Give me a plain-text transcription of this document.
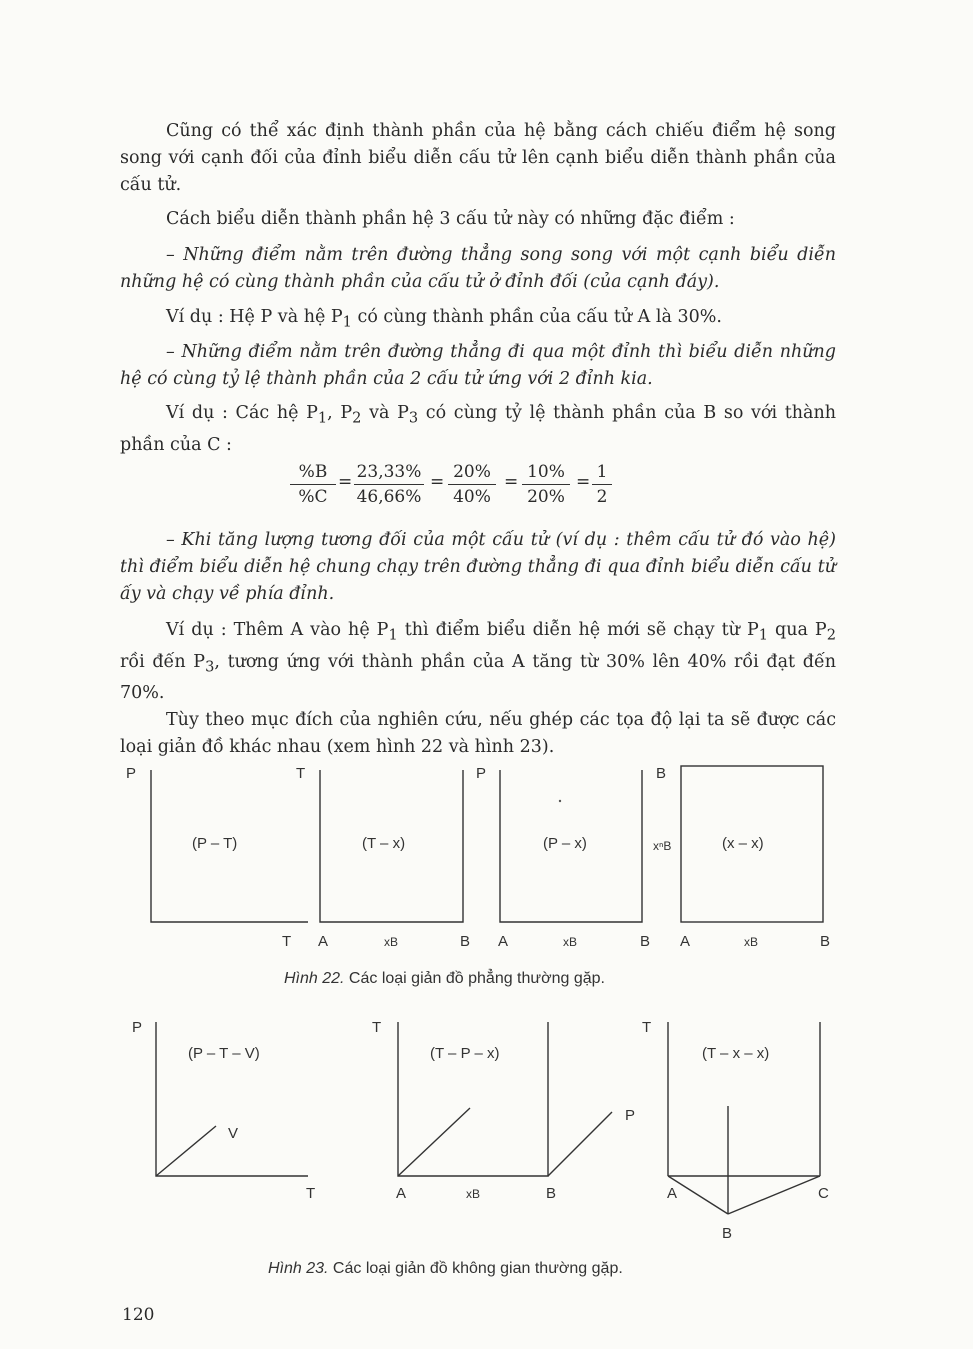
Cũng có thể xác định thành phần của hệ bằng cách chiếu điểm hệ song song với cạnh đối của đỉnh biểu diễn cấu tử lên cạnh biểu diễn thành phần của cấu tử.

Cách biểu diễn thành phần hệ 3 cấu tử này có những đặc điểm :

– Những điểm nằm trên đường thẳng song song với một cạnh biểu diễn những hệ có cùng thành phần của cấu tử ở đỉnh đối (của cạnh đáy).

Ví dụ : Hệ P và hệ $P_1$ có cùng thành phần của cấu tử A là 30%.

– Những điểm nằm trên đường thẳng đi qua một đỉnh thì biểu diễn những hệ có cùng tỷ lệ thành phần của 2 cấu tử ứng với 2 đỉnh kia.

Ví dụ : Các hệ $P_1$, $P_2$ và $P_3$ có cùng tỷ lệ thành phần của B so với thành phần của C :

$\frac{\%B}{\%C} = \frac{23,33\%}{46,66\%} = \frac{20\%}{40\%} = \frac{10\%}{20\%} = \frac{1}{2}$

– Khi tăng lượng tương đối của một cấu tử (ví dụ : thêm cấu tử đó vào hệ) thì điểm biểu diễn hệ chung chạy trên đường thẳng đi qua đỉnh biểu diễn cấu tử ấy và chạy về phía đỉnh.

Ví dụ : Thêm A vào hệ $P_1$ thì điểm biểu diễn hệ mới sẽ chạy từ $P_1$ qua $P_2$ rồi đến $P_3$, tương ứng với thành phần của A tăng từ 30% lên 40% rồi đạt đến 70%.

Tùy theo mục đích của nghiên cứu, nếu ghép các tọa độ lại ta sẽ được các loại giản đồ khác nhau (xem hình 22 và hình 23).

P
(P – T)
T
T
(T – x)
A	xB	B
P
(P – x)
A	xB	B
B
xⁿB	(x – x)
A	xB	B
Hình 22. Các loại giản đồ phẳng thường gặp.
P
(P – T – V)
V
T
T
(T – P – x)
P
A	xB	B
T
(T – x – x)
A
B
C
Hình 23. Các loại giản đồ không gian thường gặp.
120
